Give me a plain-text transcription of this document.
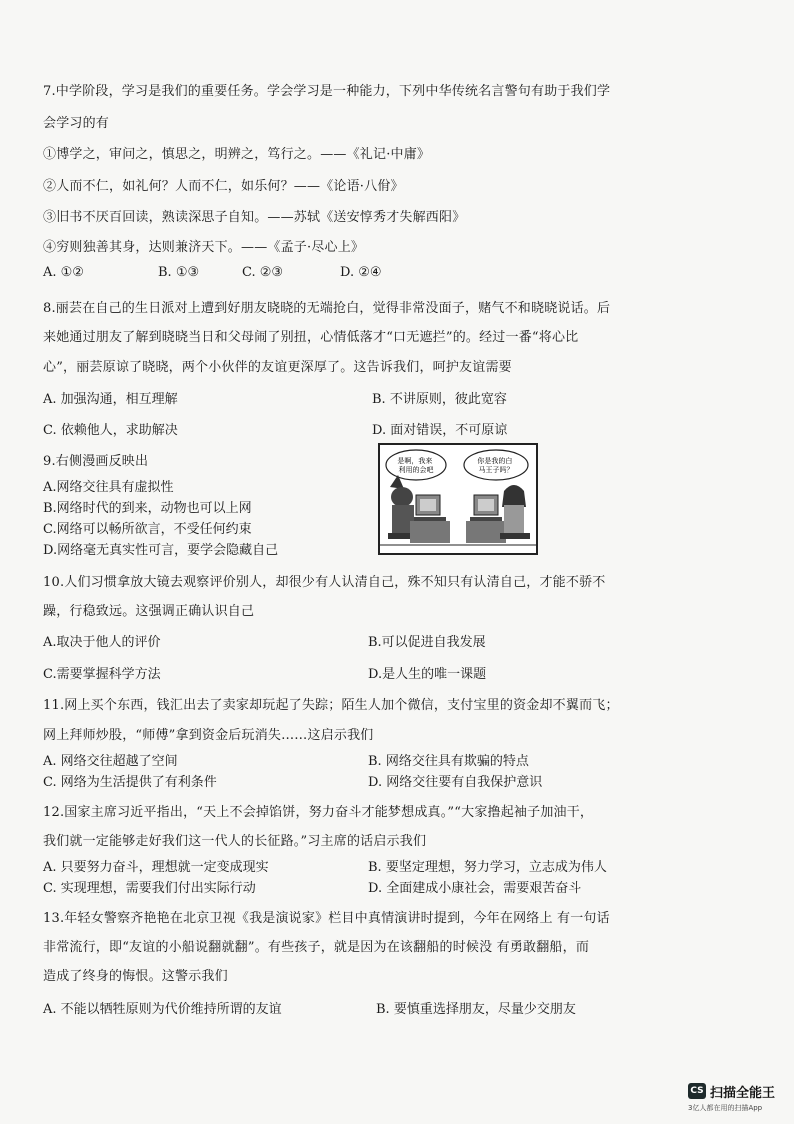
7.中学阶段，学习是我们的重要任务。学会学习是一种能力，下列中华传统名言警句有助于我们学
会学习的有
①博学之，审问之，慎思之，明辨之，笃行之。——《礼记·中庸》
②人而不仁，如礼何？人而不仁，如乐何？——《论语·八佾》
③旧书不厌百回读，熟读深思子自知。——苏轼《送安惇秀才失解西阳》
④穷则独善其身，达则兼济天下。——《孟子·尽心上》
A. ①②	B. ①③	C. ②③	D. ②④
8.丽芸在自己的生日派对上遭到好朋友晓晓的无端抢白，觉得非常没面子，赌气不和晓晓说话。后
来她通过朋友了解到晓晓当日和父母闹了别扭，心情低落才“口无遮拦”的。经过一番“将心比
心”，丽芸原谅了晓晓，两个小伙伴的友谊更深厚了。这告诉我们，呵护友谊需要
A. 加强沟通，相互理解	B. 不讲原则，彼此宽容
C. 依赖他人，求助解决	D. 面对错误，不可原谅
9.右侧漫画反映出
A.网络交往具有虚拟性
B.网络时代的到来，动物也可以上网
C.网络可以畅所欲言，不受任何约束
D.网络毫无真实性可言，要学会隐藏自己
是啊，我来 利用的会吧
你是我的白 马王子吗？
10.人们习惯拿放大镜去观察评价别人，却很少有人认清自己，殊不知只有认清自己，才能不骄不
躁，行稳致远。这强调正确认识自己
A.取决于他人的评价	B.可以促进自我发展
C.需要掌握科学方法	D.是人生的唯一课题
11.网上买个东西，钱汇出去了卖家却玩起了失踪；陌生人加个微信，支付宝里的资金却不翼而飞；
网上拜师炒股，“师傅”拿到资金后玩消失……这启示我们
A. 网络交往超越了空间	B. 网络交往具有欺骗的特点
C. 网络为生活提供了有利条件	D. 网络交往要有自我保护意识
12.国家主席习近平指出，“天上不会掉馅饼，努力奋斗才能梦想成真。”“大家撸起袖子加油干，
我们就一定能够走好我们这一代人的长征路。”习主席的话启示我们
A. 只要努力奋斗，理想就一定变成现实	B. 要坚定理想，努力学习，立志成为伟人
C. 实现理想，需要我们付出实际行动	D. 全面建成小康社会，需要艰苦奋斗
13.年轻女警察齐艳艳在北京卫视《我是演说家》栏目中真情演讲时提到，今年在网络上 有一句话
非常流行，即“友谊的小船说翻就翻”。有些孩子，就是因为在该翻船的时候没 有勇敢翻船，而
造成了终身的悔恨。这警示我们
A. 不能以牺牲原则为代价维持所谓的友谊	B. 要慎重选择朋友，尽量少交朋友
CS 扫描全能王
3亿人都在用的扫描App
